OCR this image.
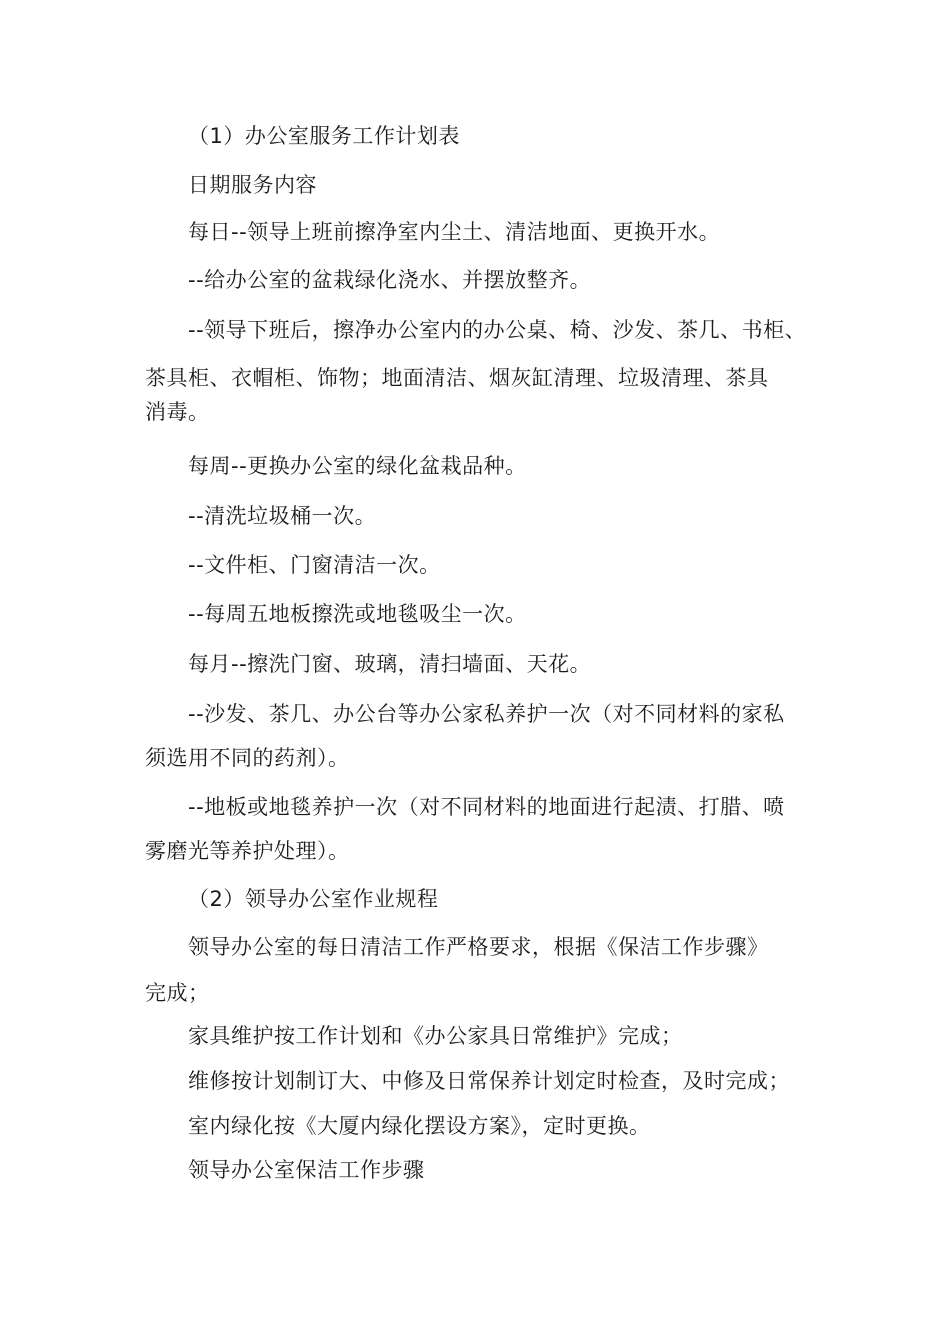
（1）办公室服务工作计划表
日期服务内容
每日--领导上班前擦净室内尘土、清洁地面、更换开水。
--给办公室的盆栽绿化浇水、并摆放整齐。
--领导下班后，擦净办公室内的办公桌、椅、沙发、茶几、书柜、
茶具柜、衣帽柜、饰物；地面清洁、烟灰缸清理、垃圾清理、茶具
消毒。
每周--更换办公室的绿化盆栽品种。
--清洗垃圾桶一次。
--文件柜、门窗清洁一次。
--每周五地板擦洗或地毯吸尘一次。
每月--擦洗门窗、玻璃，清扫墙面、天花。
--沙发、茶几、办公台等办公家私养护一次（对不同材料的家私
须选用不同的药剂）。
--地板或地毯养护一次（对不同材料的地面进行起渍、打腊、喷
雾磨光等养护处理）。
（2）领导办公室作业规程
领导办公室的每日清洁工作严格要求，根据《保洁工作步骤》
完成；
家具维护按工作计划和《办公家具日常维护》完成；
维修按计划制订大、中修及日常保养计划定时检查，及时完成；
室内绿化按《大厦内绿化摆设方案》，定时更换。
领导办公室保洁工作步骤
